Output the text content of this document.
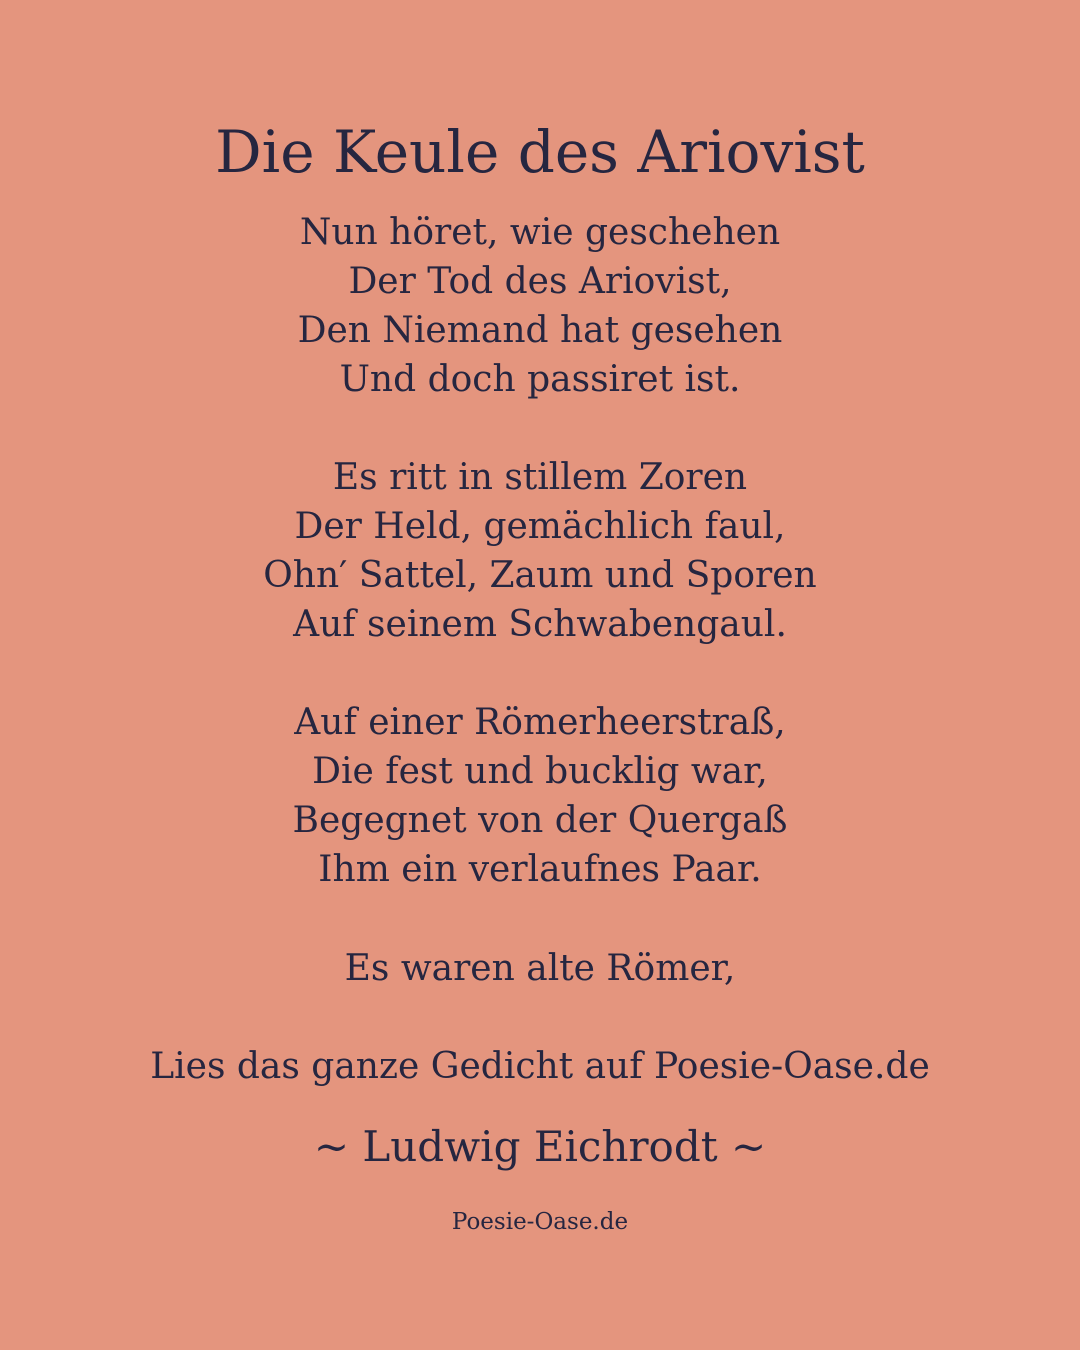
Die Keule des Ariovist
Nun höret, wie geschehen
Der Tod des Ariovist,
Den Niemand hat gesehen
Und doch passiret ist.
Es ritt in stillem Zoren
Der Held, gemächlich faul,
Ohn′ Sattel, Zaum und Sporen
Auf seinem Schwabengaul.
Auf einer Römerheerstraß,
Die fest und bucklig war,
Begegnet von der Quergaß
Ihm ein verlaufnes Paar.
Es waren alte Römer,
Lies das ganze Gedicht auf Poesie-Oase.de
~ Ludwig Eichrodt ~
Poesie-Oase.de
